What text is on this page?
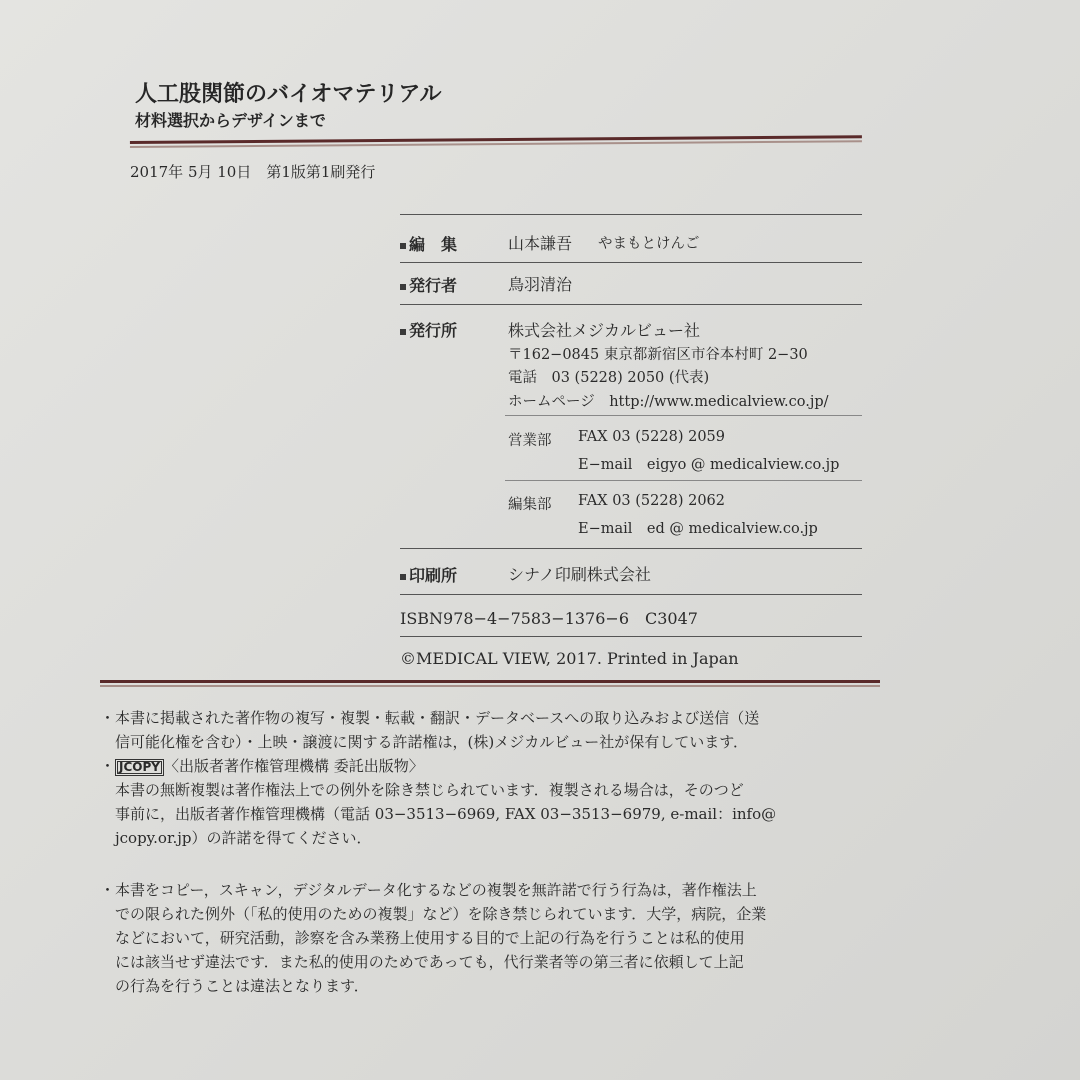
人工股関節のバイオマテリアル
材料選択からデザインまで
2017年 5月 10日　第1版第1刷発行
編　集	山本謙吾 やまもとけんご
発行者	鳥羽清治
発行所	株式会社メジカルビュー社
〒162−0845 東京都新宿区市谷本村町 2−30
電話　03 (5228) 2050 (代表)
ホームページ　http://www.medicalview.co.jp/
営業部 FAX 03 (5228) 2059
E−mail　eigyo @ medicalview.co.jp
編集部 FAX 03 (5228) 2062
E−mail　ed @ medicalview.co.jp
印刷所	シナノ印刷株式会社
ISBN978−4−7583−1376−6　C3047
©MEDICAL VIEW, 2017. Printed in Japan
・本書に掲載された著作物の複写・複製・転載・翻訳・データベースへの取り込みおよび送信（送
　信可能化権を含む）・上映・譲渡に関する許諾権は，(株)メジカルビュー社が保有しています．
・ JCOPY 〈出版者著作権管理機構 委託出版物〉
　本書の無断複製は著作権法上での例外を除き禁じられています．複製される場合は，そのつど
　事前に，出版者著作権管理機構（電話 03−3513−6969, FAX 03−3513−6979, e-mail：info@
　jcopy.or.jp）の許諾を得てください．
・本書をコピー，スキャン，デジタルデータ化するなどの複製を無許諾で行う行為は，著作権法上
　での限られた例外（「私的使用のための複製」など）を除き禁じられています．大学，病院，企業
　などにおいて，研究活動，診察を含み業務上使用する目的で上記の行為を行うことは私的使用
　には該当せず違法です．また私的使用のためであっても，代行業者等の第三者に依頼して上記
　の行為を行うことは違法となります．
